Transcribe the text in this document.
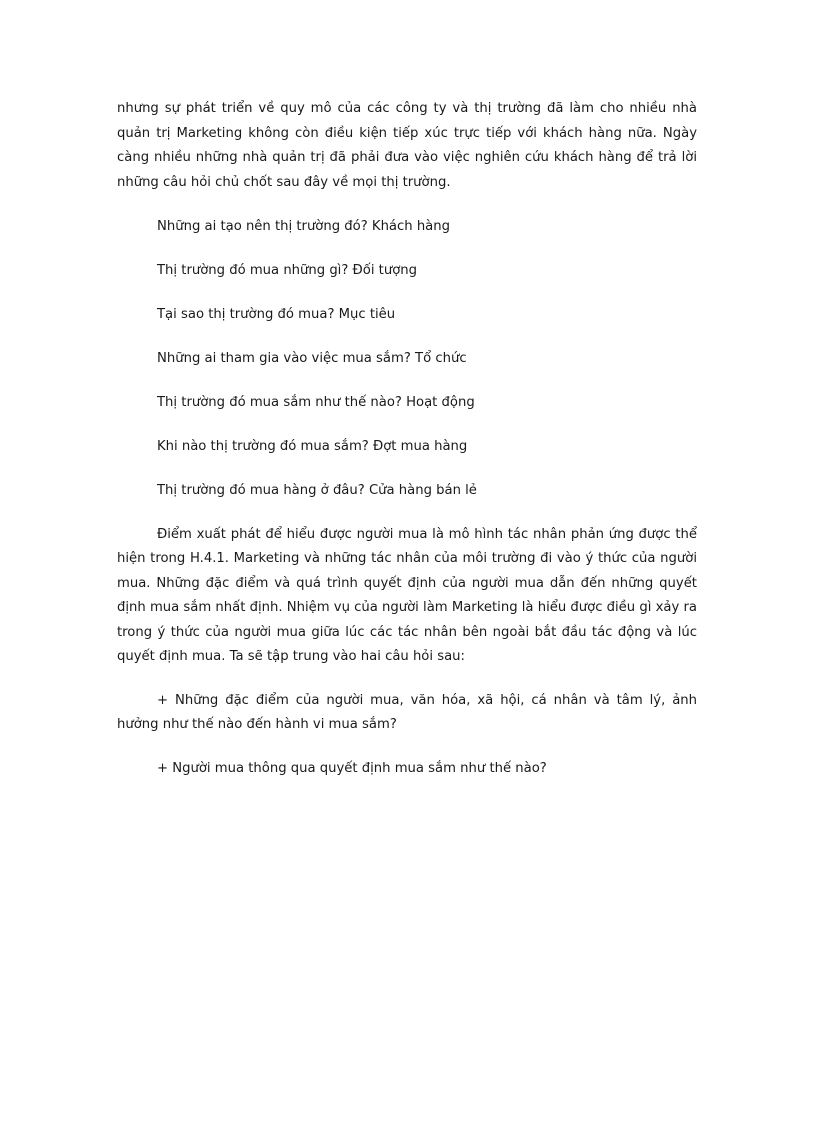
nhưng sự phát triển về quy mô của các công ty và thị trường đã làm cho nhiều nhà quản trị Marketing không còn điều kiện tiếp xúc trực tiếp với khách hàng nữa. Ngày càng nhiều những nhà quản trị đã phải đưa vào việc nghiên cứu khách hàng để trả lời những câu hỏi chủ chốt sau đây về mọi thị trường.

Những ai tạo nên thị trường đó? Khách hàng

Thị trường đó mua những gì? Đối tượng

Tại sao thị trường đó mua? Mục tiêu

Những ai tham gia vào việc mua sắm? Tổ chức

Thị trường đó mua sắm như thế nào? Hoạt động

Khi nào thị trường đó mua sắm? Đợt mua hàng

Thị trường đó mua hàng ở đâu? Cửa hàng bán lẻ

Điểm xuất phát để hiểu được người mua là mô hình tác nhân phản ứng được thể hiện trong H.4.1. Marketing và những tác nhân của môi trường đi vào ý thức của người mua. Những đặc điểm và quá trình quyết định của người mua dẫn đến những quyết định mua sắm nhất định. Nhiệm vụ của người làm Marketing là hiểu được điều gì xảy ra trong ý thức của người mua giữa lúc các tác nhân bên ngoài bắt đầu tác động và lúc quyết định mua. Ta sẽ tập trung vào hai câu hỏi sau:

+ Những đặc điểm của người mua, văn hóa, xã hội, cá nhân và tâm lý, ảnh hưởng như thế nào đến hành vi mua sắm?

+ Người mua thông qua quyết định mua sắm như thế nào?
